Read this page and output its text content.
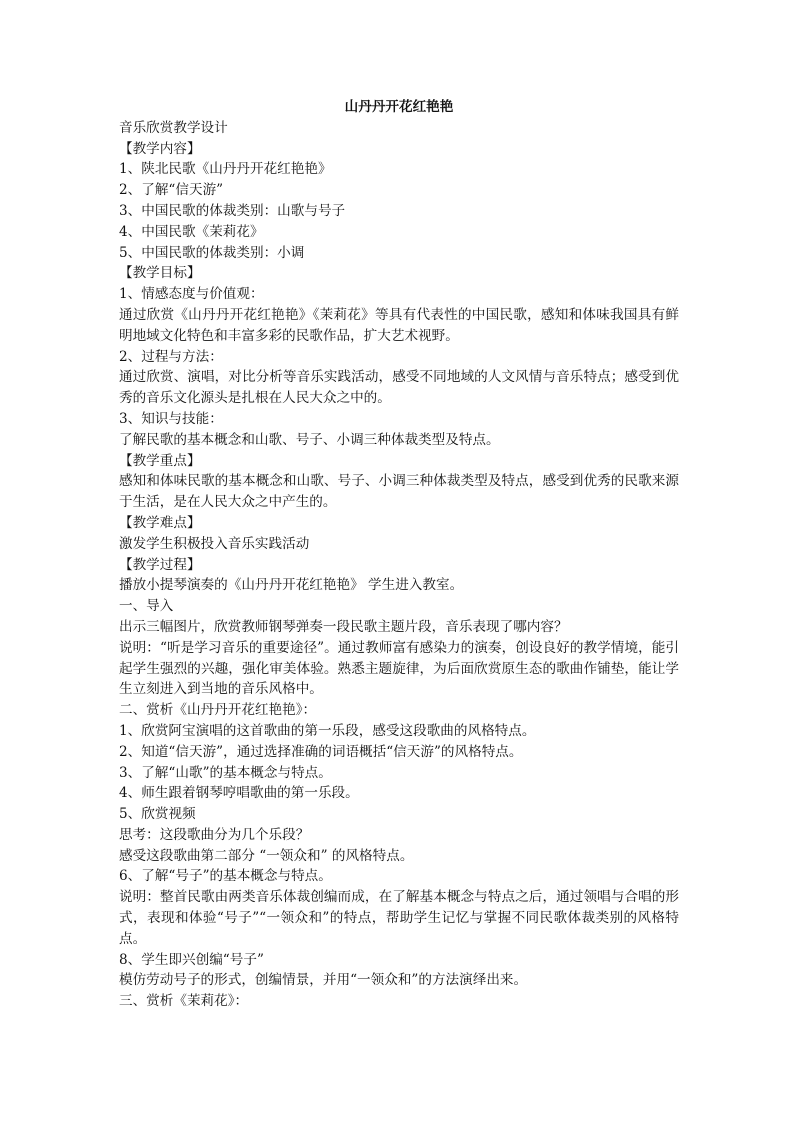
山丹丹开花红艳艳
音乐欣赏教学设计
【教学内容】
1、陕北民歌《山丹丹开花红艳艳》
2、了解“信天游”
3、中国民歌的体裁类别：山歌与号子
4、中国民歌《茉莉花》
5、中国民歌的体裁类别：小调
【教学目标】
1、情感态度与价值观：
通过欣赏《山丹丹开花红艳艳》《茉莉花》等具有代表性的中国民歌，感知和体味我国具有鲜明地域文化特色和丰富多彩的民歌作品，扩大艺术视野。
2、过程与方法：
通过欣赏、演唱，对比分析等音乐实践活动，感受不同地域的人文风情与音乐特点；感受到优秀的音乐文化源头是扎根在人民大众之中的。
3、知识与技能：
了解民歌的基本概念和山歌、号子、小调三种体裁类型及特点。
【教学重点】
感知和体味民歌的基本概念和山歌、号子、小调三种体裁类型及特点，感受到优秀的民歌来源于生活，是在人民大众之中产生的。
【教学难点】
激发学生积极投入音乐实践活动
【教学过程】
播放小提琴演奏的《山丹丹开花红艳艳》 学生进入教室。
一、导入
出示三幅图片，欣赏教师钢琴弹奏一段民歌主题片段，音乐表现了哪内容？
说明：“听是学习音乐的重要途径”。通过教师富有感染力的演奏，创设良好的教学情境，能引起学生强烈的兴趣，强化审美体验。熟悉主题旋律，为后面欣赏原生态的歌曲作铺垫，能让学生立刻进入到当地的音乐风格中。
二、赏析《山丹丹开花红艳艳》：
1、欣赏阿宝演唱的这首歌曲的第一乐段，感受这段歌曲的风格特点。
2、知道“信天游”，通过选择准确的词语概括“信天游”的风格特点。
3、了解“山歌”的基本概念与特点。
4、师生跟着钢琴哼唱歌曲的第一乐段。
5、欣赏视频
思考：这段歌曲分为几个乐段？
感受这段歌曲第二部分 “一领众和” 的风格特点。
6、了解“号子”的基本概念与特点。
说明：整首民歌由两类音乐体裁创编而成，在了解基本概念与特点之后，通过领唱与合唱的形式，表现和体验“号子”“一领众和”的特点，帮助学生记忆与掌握不同民歌体裁类别的风格特点。
8、学生即兴创编“号子”
模仿劳动号子的形式，创编情景，并用“一领众和”的方法演绎出来。
三、赏析《茉莉花》：
